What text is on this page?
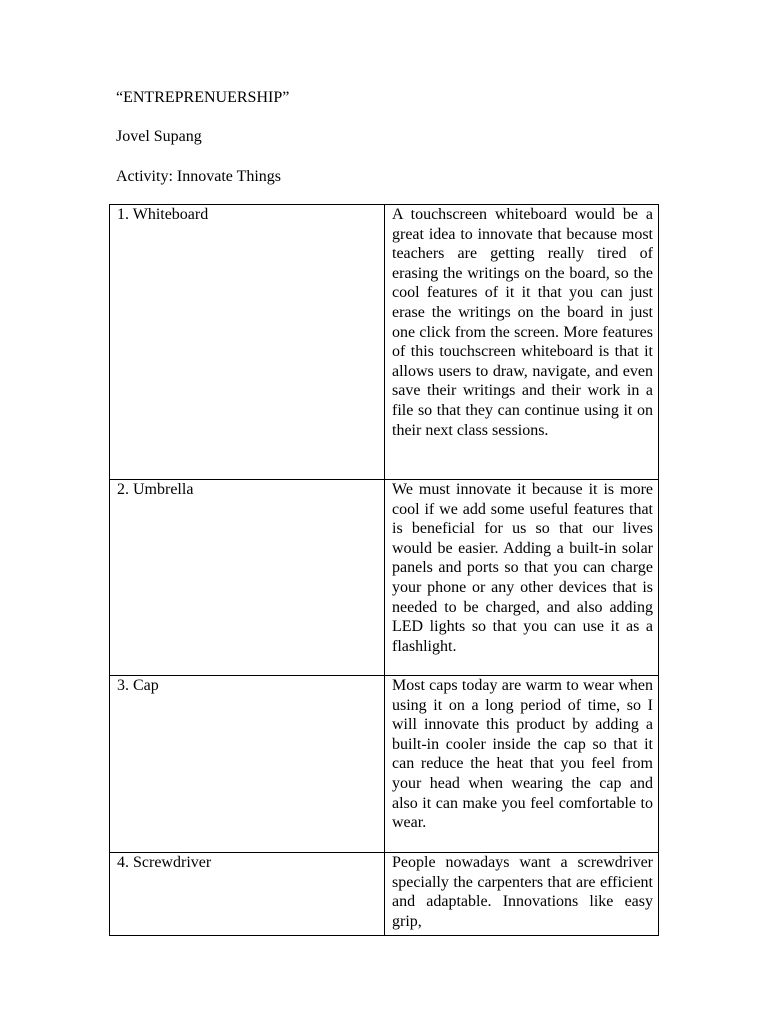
“ENTREPRENUERSHIP”
Jovel Supang
Activity: Innovate Things
1. Whiteboard	A touchscreen whiteboard would be a great idea to innovate that because most teachers are getting really tired of erasing the writings on the board, so the cool features of it it that you can just erase the writings on the board in just one click from the screen. More features of this touchscreen whiteboard is that it allows users to draw, navigate, and even save their writings and their work in a file so that they can continue using it on their next class sessions.
2. Umbrella	We must innovate it because it is more cool if we add some useful features that is beneficial for us so that our lives would be easier. Adding a built-in solar panels and ports so that you can charge your phone or any other devices that is needed to be charged, and also adding LED lights so that you can use it as a flashlight.
3. Cap	Most caps today are warm to wear when using it on a long period of time, so I will innovate this product by adding a built-in cooler inside the cap so that it can reduce the heat that you feel from your head when wearing the cap and also it can make you feel comfortable to wear.
4. Screwdriver	People nowadays want a screwdriver specially the carpenters that are efficient and adaptable. Innovations like easy grip,
